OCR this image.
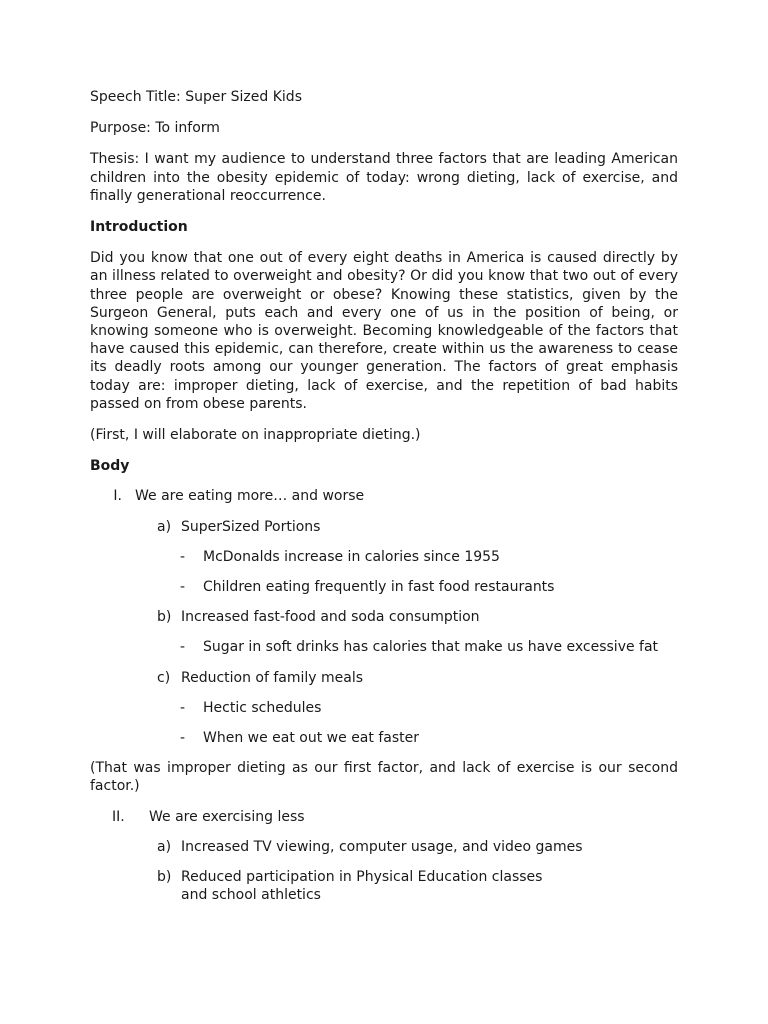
Speech Title: Super Sized Kids

Purpose: To inform

Thesis: I want my audience to understand three factors that are leading American children into the obesity epidemic of today: wrong dieting, lack of exercise, and finally generational reoccurrence.

Introduction

Did you know that one out of every eight deaths in America is caused directly by an illness related to overweight and obesity? Or did you know that two out of every three people are overweight or obese? Knowing these statistics, given by the Surgeon General, puts each and every one of us in the position of being, or knowing someone who is overweight. Becoming knowledgeable of the factors that have caused this epidemic, can therefore, create within us the awareness to cease its deadly roots among our younger generation. The factors of great emphasis today are: improper dieting, lack of exercise, and the repetition of bad habits passed on from obese parents.

(First, I will elaborate on inappropriate dieting.)

Body

I. We are eating more… and worse
a) SuperSized Portions
-	McDonalds increase in calories since 1955
-	Children eating frequently in fast food restaurants
b) Increased fast-food and soda consumption
-	Sugar in soft drinks has calories that make us have excessive fat
c) Reduction of family meals
-	Hectic schedules
-	When we eat out we eat faster

(That was improper dieting as our first factor, and lack of exercise is our second factor.)

II. We are exercising less
a) Increased TV viewing, computer usage, and video games
b) Reduced participation in Physical Education classes and school athletics
